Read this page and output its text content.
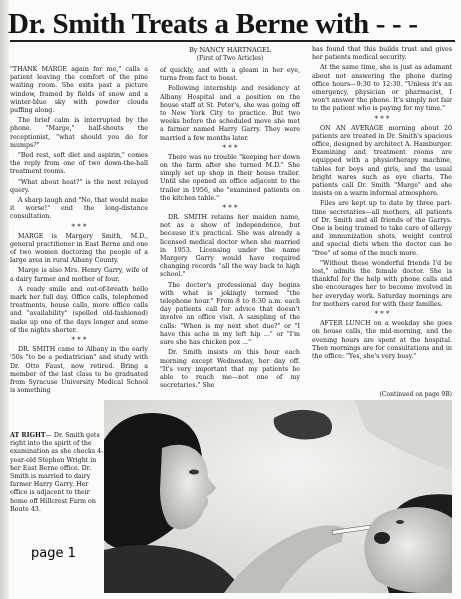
Dr. Smith Treats a Berne with - - -

"THANK MARGE again for me," calls a patient leaving the comfort of the pine waiting room. She exits past a picture window, framed by fields of snow and a winter-blue sky with powder clouds puffing along.

The brief calm is interrupted by the phone. "Marge," half-shouts the receptionist, "what should you do for mumps?"

"Bed rest, soft diet and aspirin," comes the reply from one of two down-the-hall treatment rooms.

"What about heat?" is the next relayed query.

A sharp laugh and "No, that would make it worse!" end the long-distance consultation.

* * *

MARGE is Margery Smith, M.D., general practitioner in East Berne and one of two women doctoring the people of a large area in rural Albany County.

Marge is also Mrs. Henry Garry, wife of a dairy farmer and mother of four.

A ready smile and out-of-breath hello mark her full day. Office calls, telephoned treatments, house calls, more office calls and "availability" (spelled old-fashioned) make up one of the days longer and some of the nights shorter.

* * *

DR. SMITH came to Albany in the early '50s "to be a pediatrician" and study with Dr. Otto Faust, now retired. Bring a member of the last class to be graduated from Syracuse University Medical School is something

By NANCY HARTNAGEL
(First of Two Articles)

of quickly, and with a gleam in her eye, turns from fact to boast.

Following internship and residency at Albany Hospital and a position on the house staff at St. Peter's, she was going off to New York City to practice. But two weeks before the scheduled move she met a farmer named Harry Garry. They were married a few months later.

* * *

There was no trouble "keeping her down on the farm after she turned M.D." She simply set up shop in their house trailer. Until she opened an office adjacent to the trailer in 1956, she "examined patients on the kitchen table."

* * *

DR. SMITH retains her maiden name, not as a show of independence, but because it's practical. She was already a licensed medical doctor when she married in 1953. Licensing under the name Margery Garry would have required changing records "all the way back to high school."

The doctor's professional day begins with what is jokingly termed "the telephone hour." From 8 to 8:30 a.m. each day patients call for advice that doesn't involve an office visit. A sampling of the calls: "When is my next shot due?" or "I have this ache in my left hip ..." or "I'm sure she has chicken pox ..."

Dr. Smith insists on this hour each morning except Wednesday, her day off. "It's very important that my patients be able to reach me—not one of my secretaries." She

has found that this builds trust and gives her patients medical security.

At the same time, she is just as adamant about not answering the phone during office hours—9:30 to 12:30. "Unless it's an emergency, physician or pharmacist, I won't answer the phone. It's simply not fair to the patient who is paying for my time."

* * *

ON AN AVERAGE morning about 20 patients are treated in Dr. Smith's spacious office, designed by architect A. Hamburger. Examining and treatment rooms are equipped with a physiotherapy machine, tables for boys and girls, and the usual bright wares such as eye charts. The patients call Dr. Smith "Marge" and she insists on a warm informal atmosphere.

Files are kept up to date by three part-time secretaries—all mothers, all patients of Dr. Smith and all friends of the Garrys. One is being trained to take care of allergy and immunization shots, weight control and special diets when the doctor can be "free" of some of the much more.

"Without these wonderful friends I'd be lost," admits the female doctor. She is thankful for the help with phone calls and she encourages her to become involved in her everyday work. Saturday mornings are for mothers cared for with their families.

* * *

AFTER LUNCH on a weekday she goes on house calls, the mid-morning, and the evening hours are spent at the hospital. Then mornings are for consultations and in the office: "Yes, she's very busy."

(Continued on page 9B)
AT RIGHT— Dr. Smith gets right into the spirit of the examination as she checks 4-year-old Stephen Wright in her East Berne office. Dr. Smith is married to dairy farmer Harry Garry. Her office is adjacent to their home off Hillcrest Farm on Route 43.
page 1
